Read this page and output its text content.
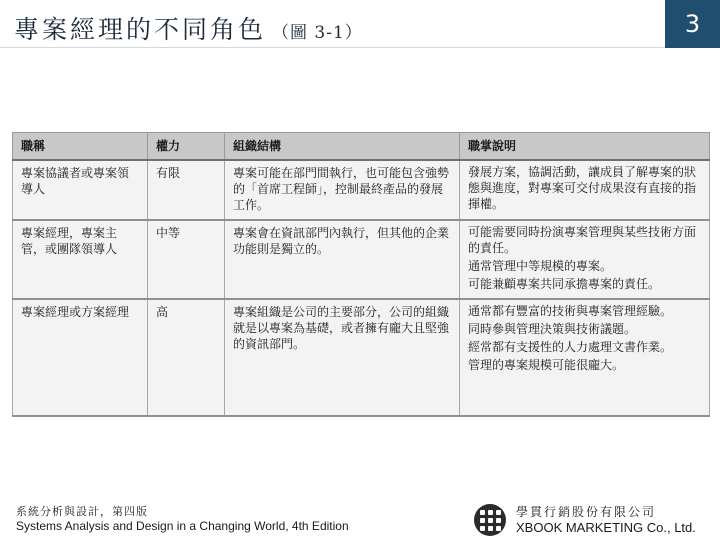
專案經理的不同角色 （圖 3-1）	3
職稱	權力	組織結構	職掌說明
專案協議者或專案領導人	有限	專案可能在部門間執行，也可能包含強勢的「首席工程師」，控制最終產品的發展工作。	發展方案，協調活動，讓成員了解專案的狀態與進度，對專案可交付成果沒有直接的指揮權。

專案經理，專案主管，或團隊領導人	中等	專案會在資訊部門內執行，但其他的企業功能則是獨立的。	可能需要同時扮演專案管理與某些技術方面的責任。
通常管理中等規模的專案。
可能兼顧專案共同承擔專案的責任。

專案經理或方案經理	高	專案組織是公司的主要部分，公司的組織就是以專案為基礎，或者擁有龐大且堅強的資訊部門。	通常都有豐富的技術與專案管理經驗。
同時參與管理決策與技術議題。
經常都有支援性的人力處理文書作業。
管理的專案規模可能很龐大。
系統分析與設計，第四版
Systems Analysis and Design in a Changing World, 4th Edition
學貫行銷股份有限公司
XBOOK MARKETING Co., Ltd.
